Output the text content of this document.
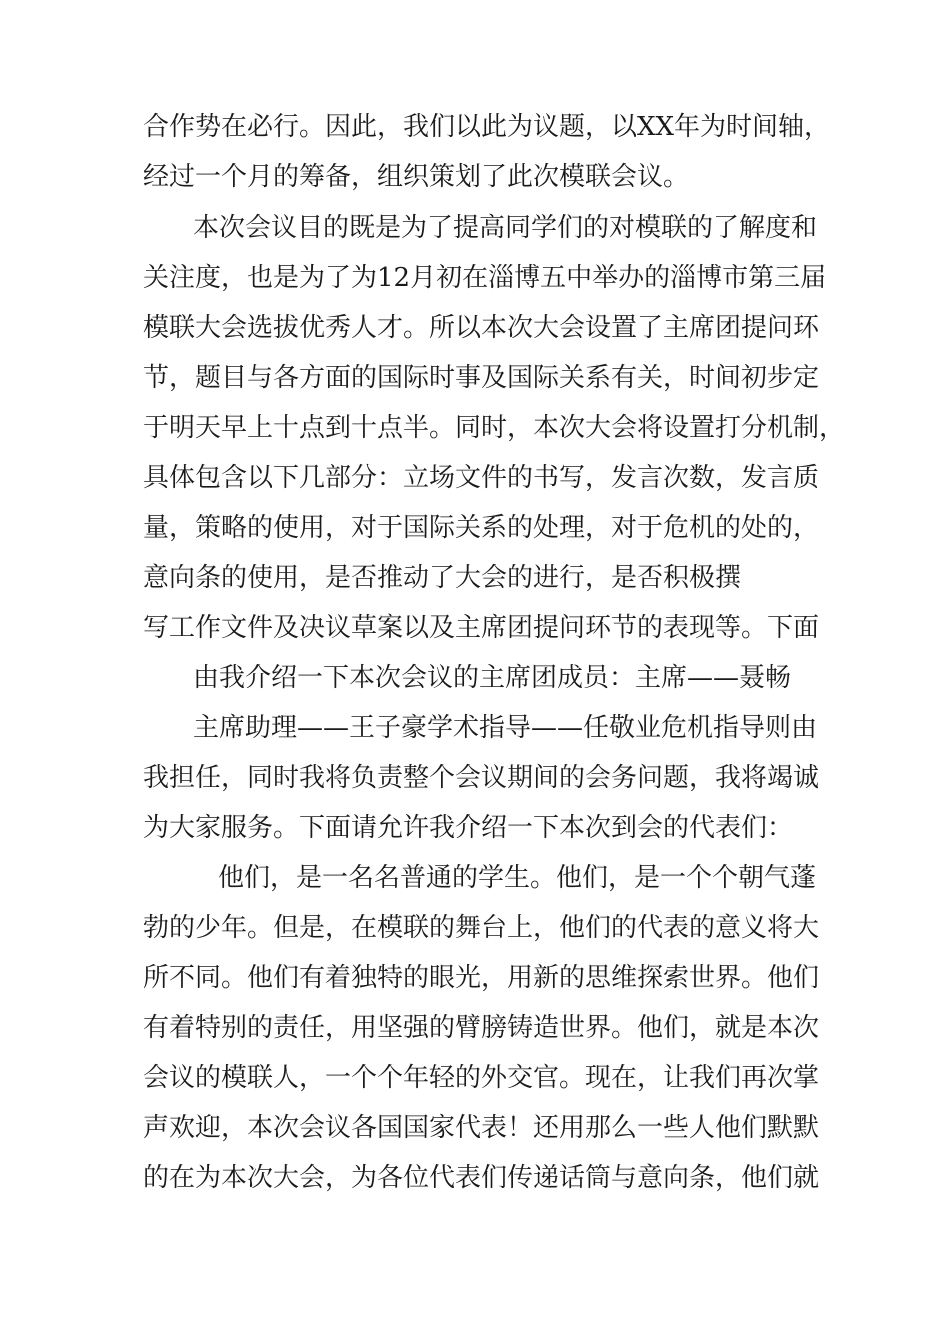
合作势在必行。因此，我们以此为议题，以XX年为时间轴，
经过一个月的筹备，组织策划了此次模联会议。
本次会议目的既是为了提高同学们的对模联的了解度和
关注度，也是为了为12月初在淄博五中举办的淄博市第三届
模联大会选拔优秀人才。所以本次大会设置了主席团提问环
节，题目与各方面的国际时事及国际关系有关，时间初步定
于明天早上十点到十点半。同时，本次大会将设置打分机制，
具体包含以下几部分：立场文件的书写，发言次数，发言质
量，策略的使用，对于国际关系的处理，对于危机的处的，
意向条的使用，是否推动了大会的进行，是否积极撰
写工作文件及决议草案以及主席团提问环节的表现等。下面
由我介绍一下本次会议的主席团成员：主席——聂畅
主席助理——王子豪学术指导——任敬业危机指导则由
我担任，同时我将负责整个会议期间的会务问题，我将竭诚
为大家服务。下面请允许我介绍一下本次到会的代表们：
他们，是一名名普通的学生。他们，是一个个朝气蓬
勃的少年。但是，在模联的舞台上，他们的代表的意义将大
所不同。他们有着独特的眼光，用新的思维探索世界。他们
有着特别的责任，用坚强的臂膀铸造世界。他们，就是本次
会议的模联人，一个个年轻的外交官。现在，让我们再次掌
声欢迎，本次会议各国国家代表！还用那么一些人他们默默
的在为本次大会，为各位代表们传递话筒与意向条，他们就
